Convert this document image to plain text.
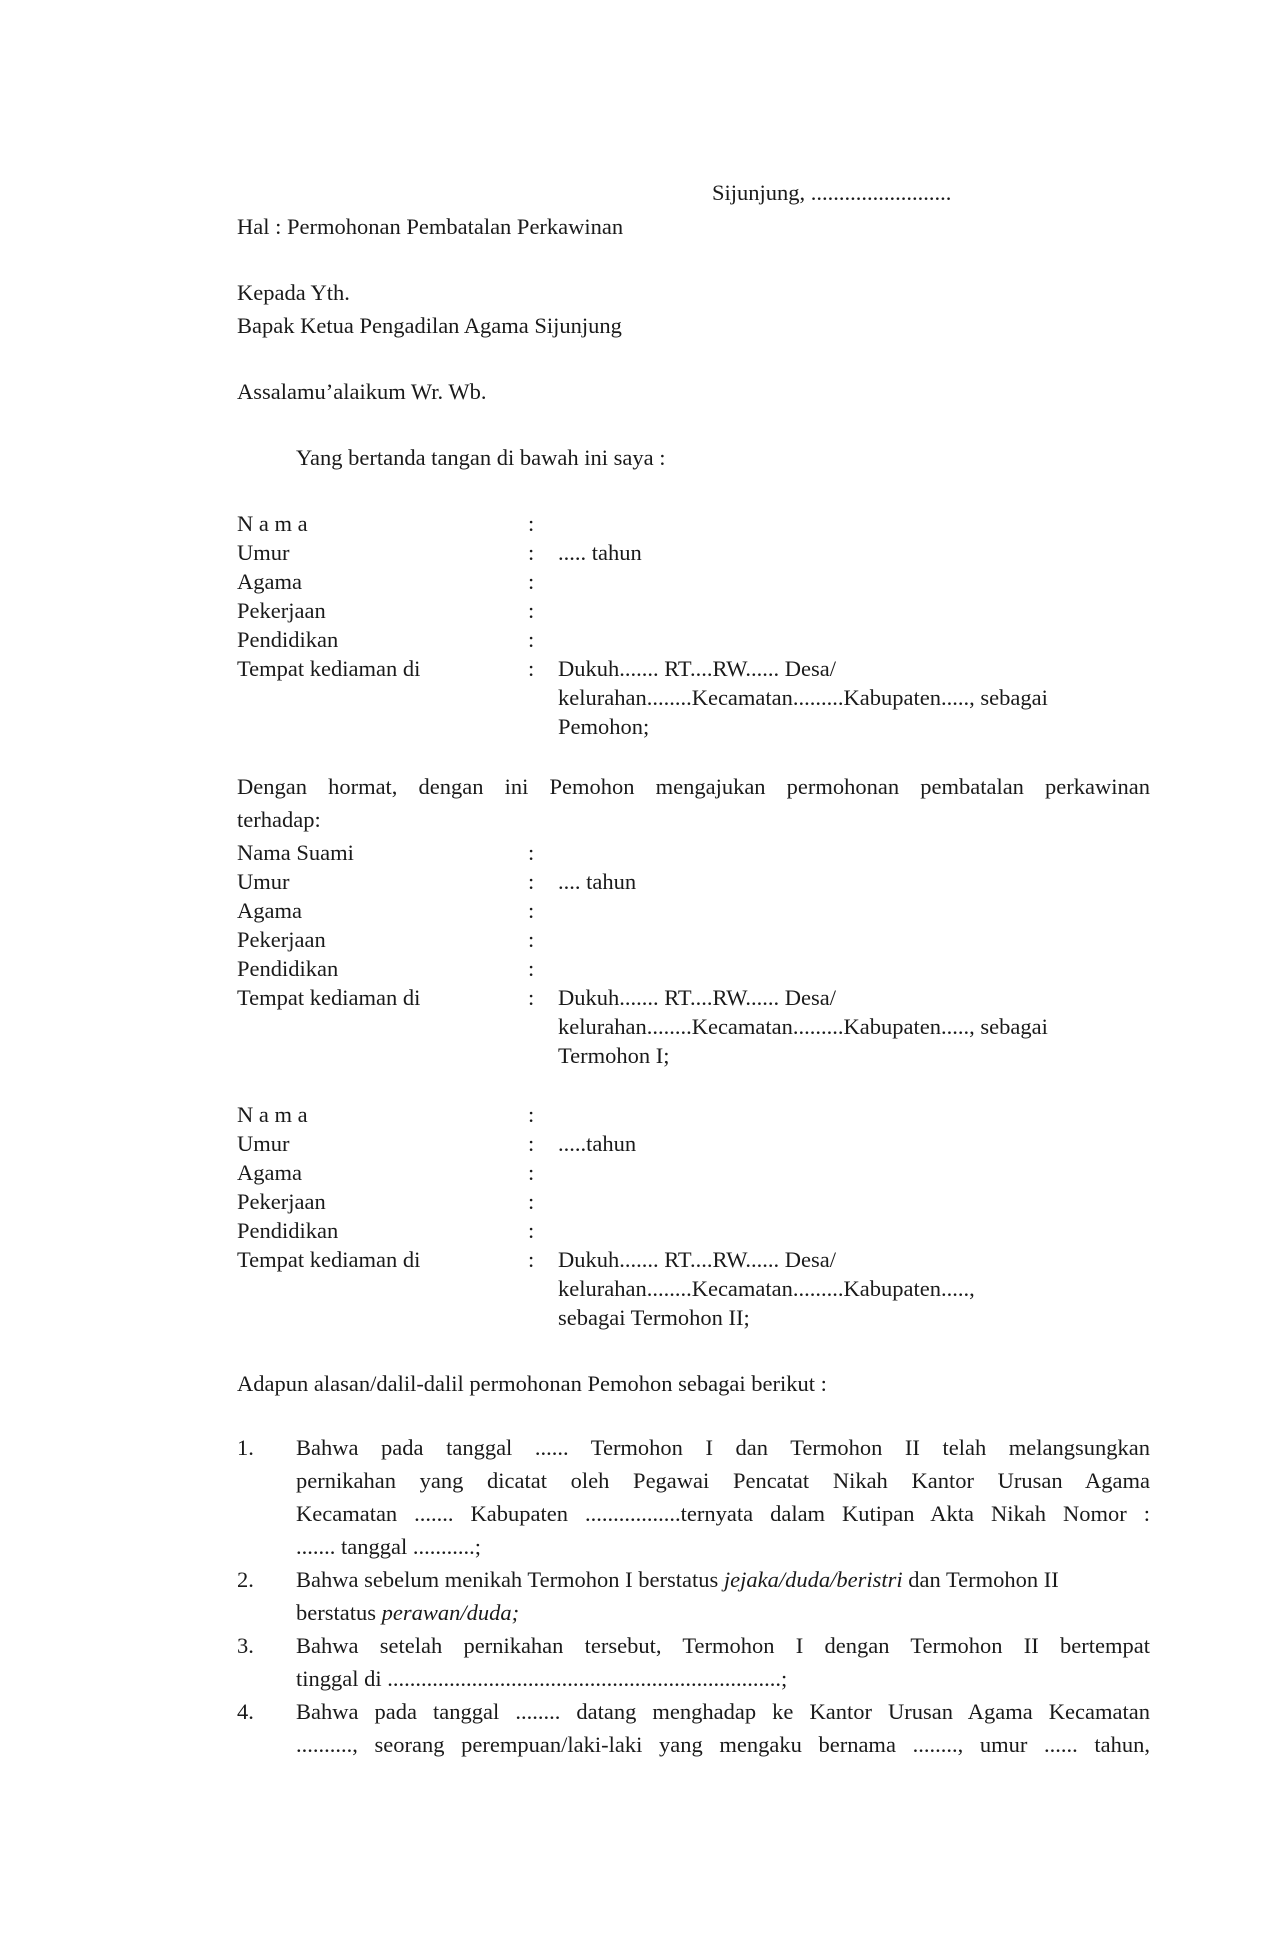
Sijunjung, .........................
Hal : Permohonan Pembatalan Perkawinan
Kepada Yth.
Bapak Ketua Pengadilan Agama Sijunjung
Assalamu’alaikum Wr. Wb.
Yang bertanda tangan di bawah ini saya :
N a m a	:
Umur	: ..... tahun
Agama	:
Pekerjaan	:
Pendidikan	:
Tempat kediaman di	: Dukuh....... RT....RW...... Desa/
kelurahan........Kecamatan.........Kabupaten....., sebagai
Pemohon;
Dengan hormat, dengan ini Pemohon mengajukan permohonan pembatalan perkawinan
terhadap:
Nama Suami	:
Umur	: .... tahun
Agama	:
Pekerjaan	:
Pendidikan	:
Tempat kediaman di	: Dukuh....... RT....RW...... Desa/
kelurahan........Kecamatan.........Kabupaten....., sebagai
Termohon I;
N a m a	:
Umur	: .....tahun
Agama	:
Pekerjaan	:
Pendidikan	:
Tempat kediaman di	: Dukuh....... RT....RW...... Desa/
kelurahan........Kecamatan.........Kabupaten.....,
sebagai Termohon II;
Adapun alasan/dalil-dalil permohonan Pemohon sebagai berikut :
1. Bahwa pada tanggal ...... Termohon I dan Termohon II telah melangsungkan
pernikahan yang dicatat oleh Pegawai Pencatat Nikah Kantor Urusan Agama
Kecamatan ....... Kabupaten .................ternyata dalam Kutipan Akta Nikah Nomor :
....... tanggal ...........;
2. Bahwa sebelum menikah Termohon I berstatus jejaka/duda/beristri dan Termohon II
berstatus perawan/duda;
3. Bahwa setelah pernikahan tersebut, Termohon I dengan Termohon II bertempat
tinggal di ......................................................................;
4. Bahwa pada tanggal ........ datang menghadap ke Kantor Urusan Agama Kecamatan
.........., seorang perempuan/laki-laki yang mengaku bernama ........, umur ...... tahun,
